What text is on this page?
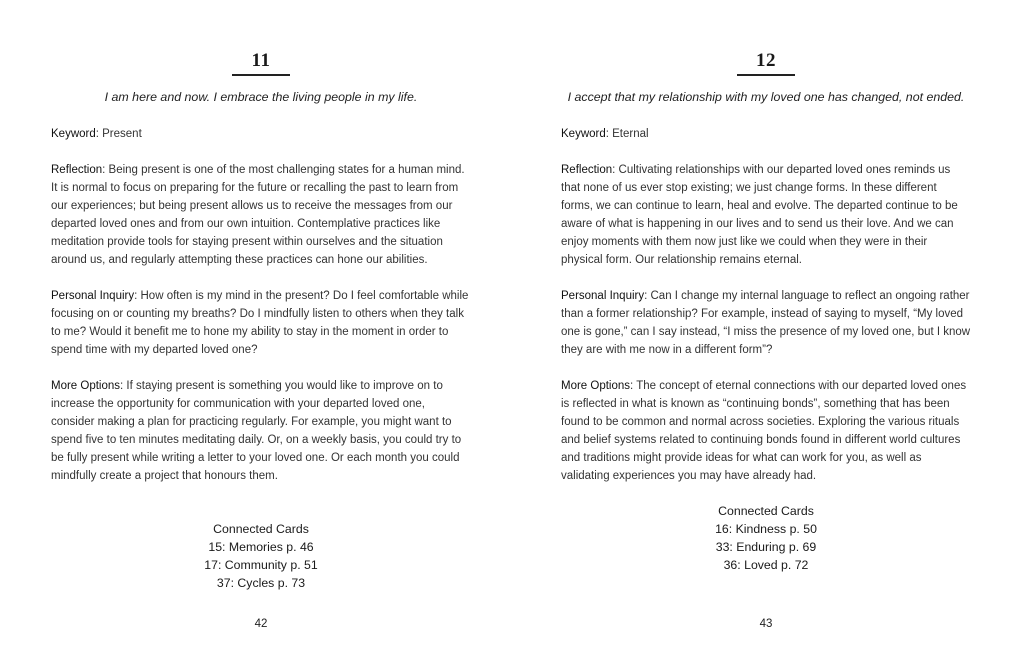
11
I am here and now. I embrace the living people in my life.

Keyword: Present

Reflection: Being present is one of the most challenging states for a human mind. It is normal to focus on preparing for the future or recalling the past to learn from our experiences; but being present allows us to receive the messages from our departed loved ones and from our own intuition. Contemplative practices like meditation provide tools for staying present within ourselves and the situation around us, and regularly attempting these practices can hone our abilities.

Personal Inquiry: How often is my mind in the present? Do I feel comfortable while focusing on or counting my breaths? Do I mindfully listen to others when they talk to me? Would it benefit me to hone my ability to stay in the moment in order to spend time with my departed loved one?

More Options: If staying present is something you would like to improve on to increase the opportunity for communication with your departed loved one, consider making a plan for practicing regularly. For example, you might want to spend five to ten minutes meditating daily. Or, on a weekly basis, you could try to be fully present while writing a letter to your loved one. Or each month you could mindfully create a project that honours them.

Connected Cards
15: Memories p. 46
17: Community p. 51
37: Cycles p. 73
42
12
I accept that my relationship with my loved one has changed, not ended.

Keyword: Eternal

Reflection: Cultivating relationships with our departed loved ones reminds us that none of us ever stop existing; we just change forms. In these different forms, we can continue to learn, heal and evolve. The departed continue to be aware of what is happening in our lives and to send us their love. And we can enjoy moments with them now just like we could when they were in their physical form. Our relationship remains eternal.

Personal Inquiry: Can I change my internal language to reflect an ongoing rather than a former relationship? For example, instead of saying to myself, “My loved one is gone,” can I say instead, “I miss the presence of my loved one, but I know they are with me now in a different form”?

More Options: The concept of eternal connections with our departed loved ones is reflected in what is known as “continuing bonds”, something that has been found to be common and normal across societies. Exploring the various rituals and belief systems related to continuing bonds found in different world cultures and traditions might provide ideas for what can work for you, as well as validating experiences you may have already had.

Connected Cards
16: Kindness p. 50
33: Enduring p. 69
36: Loved p. 72
43
